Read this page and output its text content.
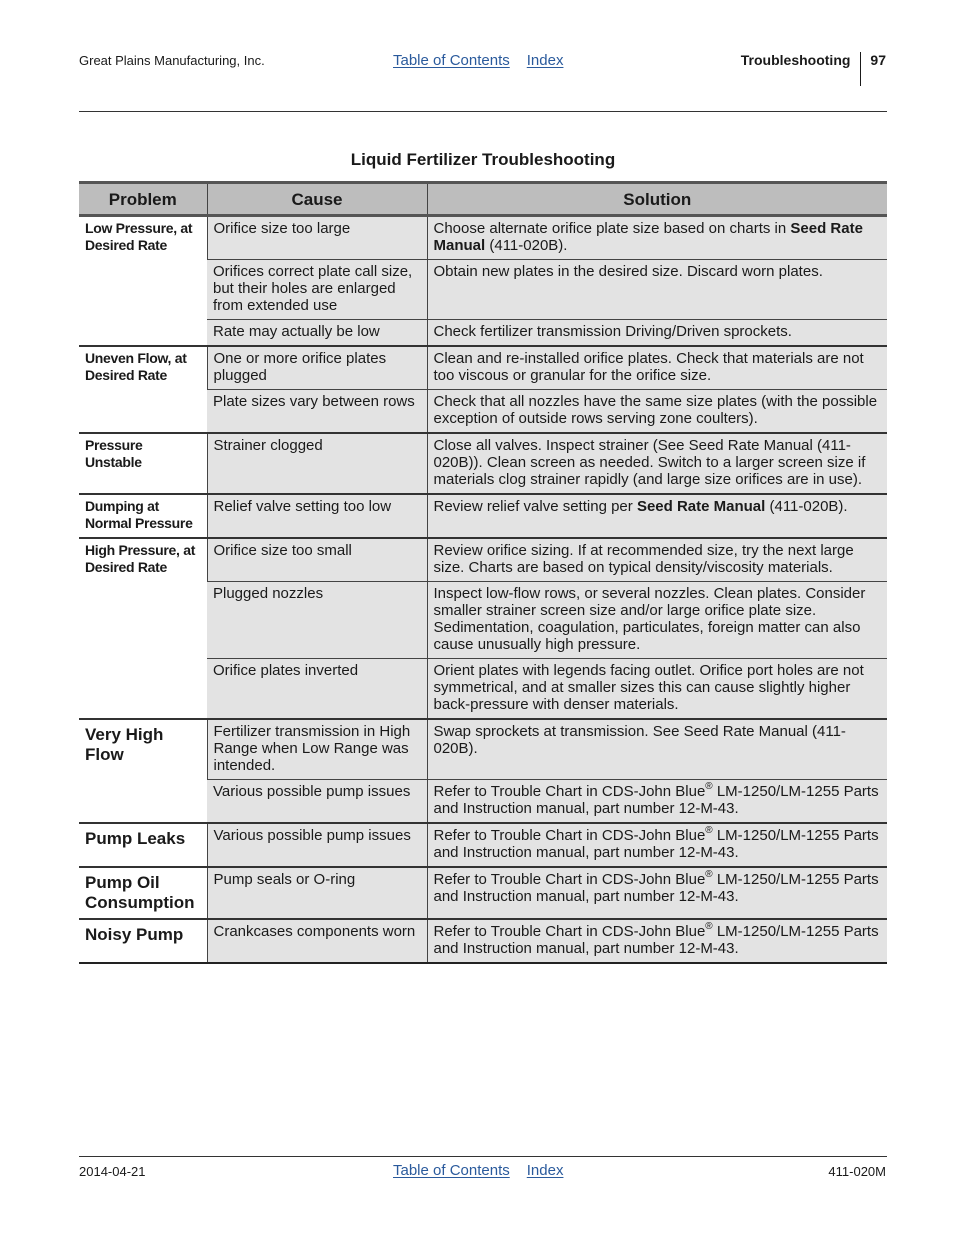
Great Plains Manufacturing, Inc.	Table of Contents Index	Troubleshooting 97
Liquid Fertilizer Troubleshooting
Problem	Cause	Solution
Low Pressure, at Desired Rate	Orifice size too large	Choose alternate orifice plate size based on charts in Seed Rate Manual (411-020B).
	Orifices correct plate call size, but their holes are enlarged from extended use	Obtain new plates in the desired size. Discard worn plates.
	Rate may actually be low	Check fertilizer transmission Driving/Driven sprockets.
Uneven Flow, at Desired Rate	One or more orifice plates plugged	Clean and re-installed orifice plates. Check that materials are not too viscous or granular for the orifice size.
	Plate sizes vary between rows	Check that all nozzles have the same size plates (with the possible exception of outside rows serving zone coulters).
Pressure Unstable	Strainer clogged	Close all valves. Inspect strainer (See Seed Rate Manual (411-020B)). Clean screen as needed. Switch to a larger screen size if materials clog strainer rapidly (and large size orifices are in use).
Dumping at Normal Pressure	Relief valve setting too low	Review relief valve setting per Seed Rate Manual (411-020B).
High Pressure, at Desired Rate	Orifice size too small	Review orifice sizing. If at recommended size, try the next large size. Charts are based on typical density/viscosity materials.
	Plugged nozzles	Inspect low-flow rows, or several nozzles. Clean plates. Consider smaller strainer screen size and/or large orifice plate size. Sedimentation, coagulation, particulates, foreign matter can also cause unusually high pressure.
	Orifice plates inverted	Orient plates with legends facing outlet. Orifice port holes are not symmetrical, and at smaller sizes this can cause slightly higher back-pressure with denser materials.
Very High Flow	Fertilizer transmission in High Range when Low Range was intended.	Swap sprockets at transmission. See Seed Rate Manual (411-020B).
	Various possible pump issues	Refer to Trouble Chart in CDS-John Blue® LM-1250/LM-1255 Parts and Instruction manual, part number 12-M-43.
Pump Leaks	Various possible pump issues	Refer to Trouble Chart in CDS-John Blue® LM-1250/LM-1255 Parts and Instruction manual, part number 12-M-43.
Pump Oil Consumption	Pump seals or O-ring	Refer to Trouble Chart in CDS-John Blue® LM-1250/LM-1255 Parts and Instruction manual, part number 12-M-43.
Noisy Pump	Crankcases components worn	Refer to Trouble Chart in CDS-John Blue® LM-1250/LM-1255 Parts and Instruction manual, part number 12-M-43.
2014-04-21	Table of Contents Index	411-020M
